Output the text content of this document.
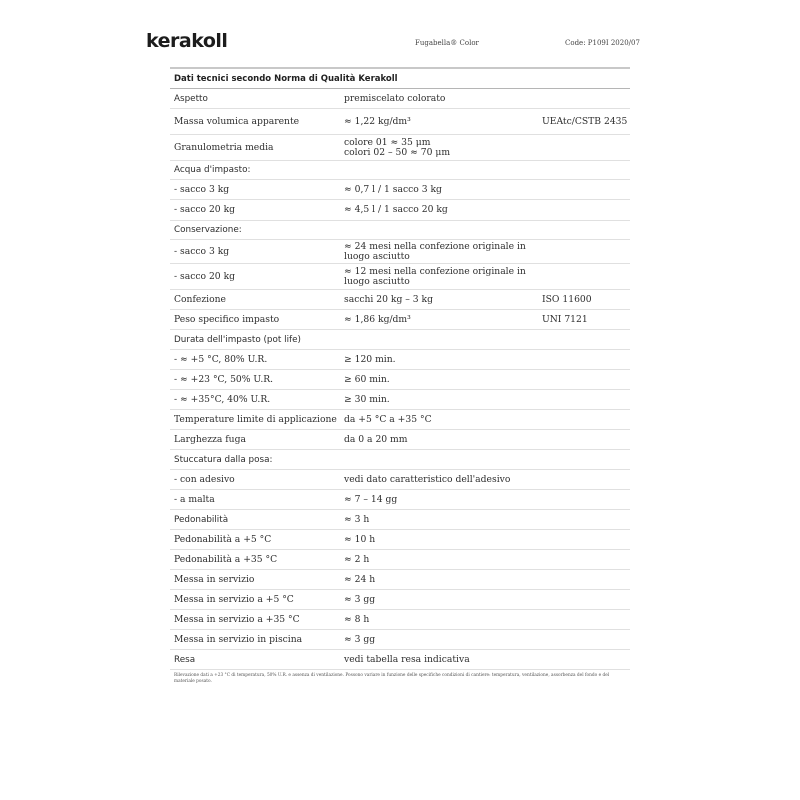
kerakoll	Fugabella® Color	Code: P109I 2020/07
Dati tecnici secondo Norma di Qualità Kerakoll
Aspetto	premiscelato colorato
Massa volumica apparente	≈ 1,22 kg/dm³	UEAtc/CSTB 2435
Granulometria media	colore 01 ≈ 35 μm
colori 02 – 50 ≈ 70 μm
Acqua d'impasto:
- sacco 3 kg	≈ 0,7 l / 1 sacco 3 kg
- sacco 20 kg	≈ 4,5 l / 1 sacco 20 kg
Conservazione:
- sacco 3 kg	≈ 24 mesi nella confezione originale in luogo asciutto
- sacco 20 kg	≈ 12 mesi nella confezione originale in luogo asciutto
Confezione	sacchi 20 kg – 3 kg	ISO 11600
Peso specifico impasto	≈ 1,86 kg/dm³	UNI 7121
Durata dell'impasto (pot life)
- ≈ +5 °C, 80% U.R.	≥ 120 min.
- ≈ +23 °C, 50% U.R.	≥ 60 min.
- ≈ +35°C, 40% U.R.	≥ 30 min.
Temperature limite di applicazione da +5 °C a +35 °C
Larghezza fuga	da 0 a 20 mm
Stuccatura dalla posa:
- con adesivo	vedi dato caratteristico dell'adesivo
- a malta	≈ 7 – 14 gg
Pedonabilità	≈ 3 h
Pedonabilità a +5 °C	≈ 10 h
Pedonabilità a +35 °C	≈ 2 h
Messa in servizio	≈ 24 h
Messa in servizio a +5 °C	≈ 3 gg
Messa in servizio a +35 °C	≈ 8 h
Messa in servizio in piscina	≈ 3 gg
Resa	vedi tabella resa indicativa
Rilevazione dati a +23 °C di temperatura, 50% U.R. e assenza di ventilazione. Possono variare in funzione delle specifiche condizioni di cantiere: temperatura, ventilazione, assorbenza del fondo e del materiale posato.
